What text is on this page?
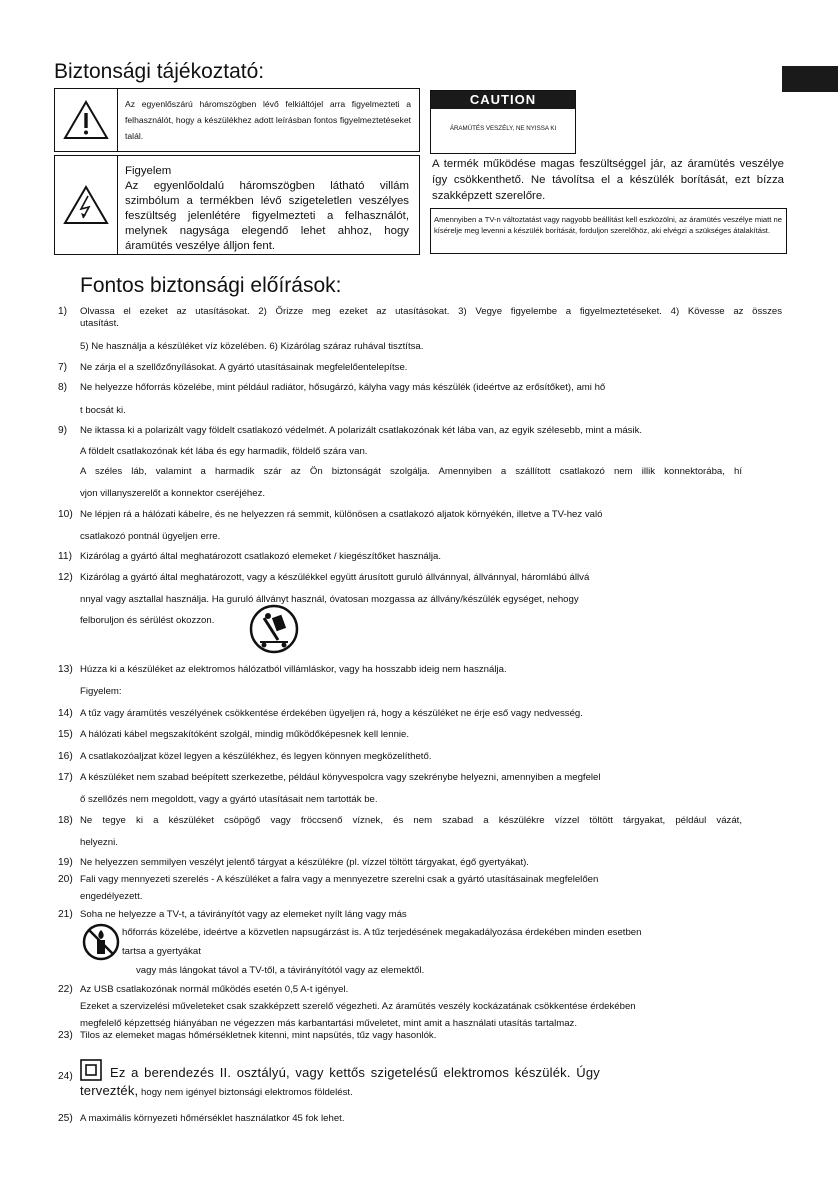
Biztonsági tájékoztató:
Az egyenlőszárú háromszögben lévő felkiáltójel arra figyelmezteti a felhasználót, hogy a készülékhez adott leírásban fontos figyelmeztetéseket talál.
Figyelem
Az egyenlőoldalú háromszögben látható villám szimbólum a termékben lévő szigeteletlen veszélyes feszültség jelenlétére figyelmezteti a felhasználót, melynek nagysága elegendő lehet ahhoz, hogy áramütés veszélye álljon fent.
CAUTION
ÁRAMÜTÉS VESZÉLY, NE NYISSA KI
A termék működése magas feszültséggel jár, az áramütés veszélye így csökkenthető. Ne távolítsa el a készülék borítását, ezt bízza szakképzett szerelőre.
Amennyiben a TV-n változtatást vagy nagyobb beállítást kell eszközölni, az áramütés veszélye miatt ne kísérelje meg levenni a készülék borítását, forduljon szerelőhöz, aki elvégzi a szükséges átalakítást.
Fontos biztonsági előírások:
1) Olvassa el ezeket az utasításokat. 2) Őrizze meg ezeket az utasításokat. 3) Vegye figyelembe a figyelmeztetéseket. 4) Kövesse az összes
utasítást.
5) Ne használja a készüléket víz közelében. 6) Kizárólag száraz ruhával tisztítsa.
7) Ne zárja el a szellőzőnyílásokat. A gyártó utasításainak megfelelőentelepítse.
8) Ne helyezze hőforrás közelébe, mint például radiátor, hősugárzó, kályha vagy más készülék (ideértve az erősítőket), ami hő
t bocsát ki.
9) Ne iktassa ki a polarizált vagy földelt csatlakozó védelmét. A polarizált csatlakozónak két lába van, az egyik szélesebb, mint a másik.
A földelt csatlakozónak két lába és egy harmadik, földelő szára van.
A széles láb, valamint a harmadik szár az Ön biztonságát szolgálja. Amennyiben a szállított csatlakozó nem illik konnektorába, hí
vjon villanyszerelőt a konnektor cseréjéhez.
10) Ne lépjen rá a hálózati kábelre, és ne helyezzen rá semmit, különösen a csatlakozó aljatok környékén, illetve a TV-hez való
csatlakozó pontnál ügyeljen erre.
11) Kizárólag a gyártó által meghatározott csatlakozó elemeket / kiegészítőket használja.
12) Kizárólag a gyártó által meghatározott, vagy a készülékkel együtt árusított guruló állvánnyal, állvánnyal, háromlábú állvá
nnyal vagy asztallal használja. Ha guruló állványt használ, óvatosan mozgassa az állvány/készülék egységet, nehogy
felboruljon és sérülést okozzon.
13) Húzza ki a készüléket az elektromos hálózatból villámláskor, vagy ha hosszabb ideig nem használja.
Figyelem:
14) A tűz vagy áramütés veszélyének csökkentése érdekében ügyeljen rá, hogy a készüléket ne érje eső vagy nedvesség.
15) A hálózati kábel megszakítóként szolgál, mindig működőképesnek kell lennie.
16) A csatlakozóaljzat közel legyen a készülékhez, és legyen könnyen megközelíthető.
17) A készüléket nem szabad beépített szerkezetbe, például könyvespolcra vagy szekrénybe helyezni, amennyiben a megfelel
ő szellőzés nem megoldott, vagy a gyártó utasításait nem tartották be.
18) Ne tegye ki a készüléket csöpögő vagy fröccsenő víznek, és nem szabad a készülékre vízzel töltött tárgyakat, például vázát,
helyezni.
19) Ne helyezzen semmilyen veszélyt jelentő tárgyat a készülékre (pl. vízzel töltött tárgyakat, égő gyertyákat).
20) Fali vagy mennyezeti szerelés - A készüléket a falra vagy a mennyezetre szerelni csak a gyártó utasításainak megfelelően
engedélyezett.
21) Soha ne helyezze a TV-t, a távirányítót vagy az elemeket nyílt láng vagy más
hőforrás közelébe, ideértve a közvetlen napsugárzást is. A tűz terjedésének megakadályozása érdekében minden esetben
tartsa a gyertyákat
vagy más lángokat távol a TV-től, a távirányítótól vagy az elemektől.
22) Az USB csatlakozónak normál működés esetén 0,5 A-t igényel.
Ezeket a szervizelési műveleteket csak szakképzett szerelő végezheti. Az áramütés veszély kockázatának csökkentése érdekében
megfelelő képzettség hiányában ne végezzen más karbantartási műveletet, mint amit a használati utasítás tartalmaz.
23) Tilos az elemeket magas hőmérsékletnek kitenni, mint napsütés, tűz vagy hasonlók.
24)	Ez a berendezés II. osztályú, vagy kettős szigetelésű elektromos készülék. Úgy
tervezték, hogy nem igényel biztonsági elektromos földelést.
25) A maximális környezeti hőmérséklet használatkor 45 fok lehet.
